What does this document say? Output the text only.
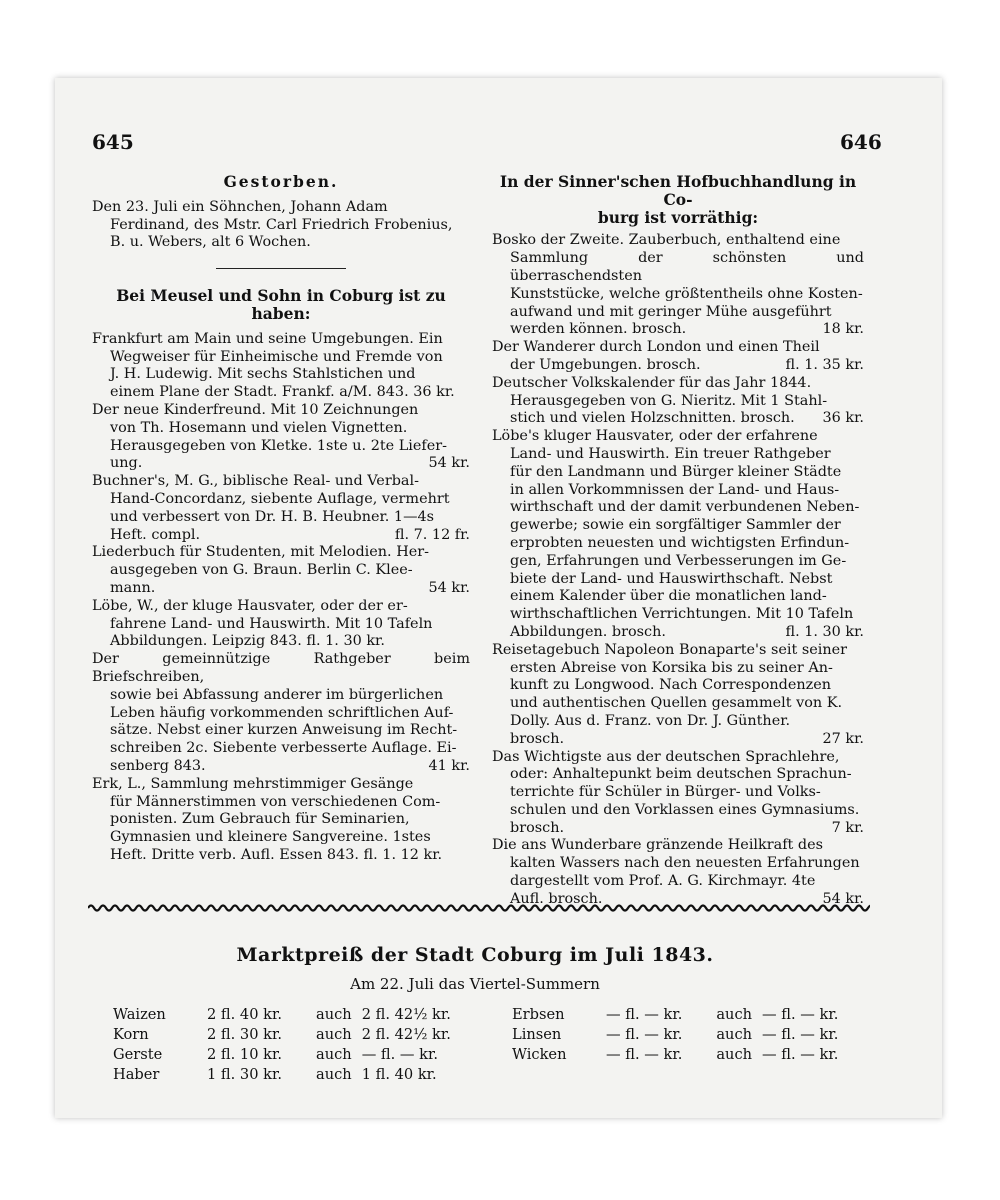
645	646
Gestorben.
Den 23. Juli ein Söhnchen, Johann Adam
Ferdinand, des Mstr. Carl Friedrich Frobenius,
B. u. Webers, alt 6 Wochen.
Bei Meusel und Sohn in Coburg ist zu
haben:
Frankfurt am Main und seine Umgebungen. Ein
Wegweiser für Einheimische und Fremde von
J. H. Ludewig. Mit sechs Stahlstichen und
einem Plane der Stadt. Frankf. a/M. 843. 36 kr.
Der neue Kinderfreund. Mit 10 Zeichnungen
von Th. Hosemann und vielen Vignetten.
Herausgegeben von Kletke. 1ste u. 2te Liefer-
ung.	54 kr.
Buchner's, M. G., biblische Real- und Verbal-
Hand-Concordanz, siebente Auflage, vermehrt
und verbessert von Dr. H. B. Heubner. 1—4s
Heft. compl.	fl. 7. 12 fr.
Liederbuch für Studenten, mit Melodien. Her-
ausgegeben von G. Braun. Berlin C. Klee-
mann.	54 kr.
Löbe, W., der kluge Hausvater, oder der er-
fahrene Land- und Hauswirth. Mit 10 Tafeln
Abbildungen. Leipzig 843. fl. 1. 30 kr.
Der gemeinnützige Rathgeber beim Briefschreiben,
sowie bei Abfassung anderer im bürgerlichen
Leben häufig vorkommenden schriftlichen Auf-
sätze. Nebst einer kurzen Anweisung im Recht-
schreiben 2c. Siebente verbesserte Auflage. Ei-
senberg 843.	41 kr.
Erk, L., Sammlung mehrstimmiger Gesänge
für Männerstimmen von verschiedenen Com-
ponisten. Zum Gebrauch für Seminarien,
Gymnasien und kleinere Sangvereine. 1stes
Heft. Dritte verb. Aufl. Essen 843. fl. 1. 12 kr.
In der Sinner'schen Hofbuchhandlung in Co-
burg ist vorräthig:
Bosko der Zweite. Zauberbuch, enthaltend eine
Sammlung der schönsten und überraschendsten
Kunststücke, welche größtentheils ohne Kosten-
aufwand und mit geringer Mühe ausgeführt
werden können. brosch.	18 kr.
Der Wanderer durch London und einen Theil
der Umgebungen. brosch.	fl. 1. 35 kr.
Deutscher Volkskalender für das Jahr 1844.
Herausgegeben von G. Nieritz. Mit 1 Stahl-
stich und vielen Holzschnitten. brosch. 36 kr.
Löbe's kluger Hausvater, oder der erfahrene
Land- und Hauswirth. Ein treuer Rathgeber
für den Landmann und Bürger kleiner Städte
in allen Vorkommnissen der Land- und Haus-
wirthschaft und der damit verbundenen Neben-
gewerbe; sowie ein sorgfältiger Sammler der
erprobten neuesten und wichtigsten Erfindun-
gen, Erfahrungen und Verbesserungen im Ge-
biete der Land- und Hauswirthschaft. Nebst
einem Kalender über die monatlichen land-
wirthschaftlichen Verrichtungen. Mit 10 Tafeln
Abbildungen. brosch.	fl. 1. 30 kr.
Reisetagebuch Napoleon Bonaparte's seit seiner
ersten Abreise von Korsika bis zu seiner An-
kunft zu Longwood. Nach Correspondenzen
und authentischen Quellen gesammelt von K.
Dolly. Aus d. Franz. von Dr. J. Günther.
brosch.	27 kr.
Das Wichtigste aus der deutschen Sprachlehre,
oder: Anhaltepunkt beim deutschen Sprachun-
terrichte für Schüler in Bürger- und Volks-
schulen und den Vorklassen eines Gymnasiums.
brosch.	7 kr.
Die ans Wunderbare gränzende Heilkraft des
kalten Wassers nach den neuesten Erfahrungen
dargestellt vom Prof. A. G. Kirchmayr. 4te
Aufl. brosch.	54 kr.
Marktpreiß der Stadt Coburg im Juli 1843.
Am 22. Juli das Viertel-Summern
Waizen	2 fl. 40 kr.	auch	2 fl. 42½ kr.
Korn	2 fl. 30 kr.	auch	2 fl. 42½ kr.
Gerste	2 fl. 10 kr.	auch	— fl. — kr.
Haber	1 fl. 30 kr.	auch	1 fl. 40 kr.
Erbsen	— fl. — kr.	auch	— fl. — kr.
Linsen	— fl. — kr.	auch	— fl. — kr.
Wicken	— fl. — kr.	auch	— fl. — kr.
